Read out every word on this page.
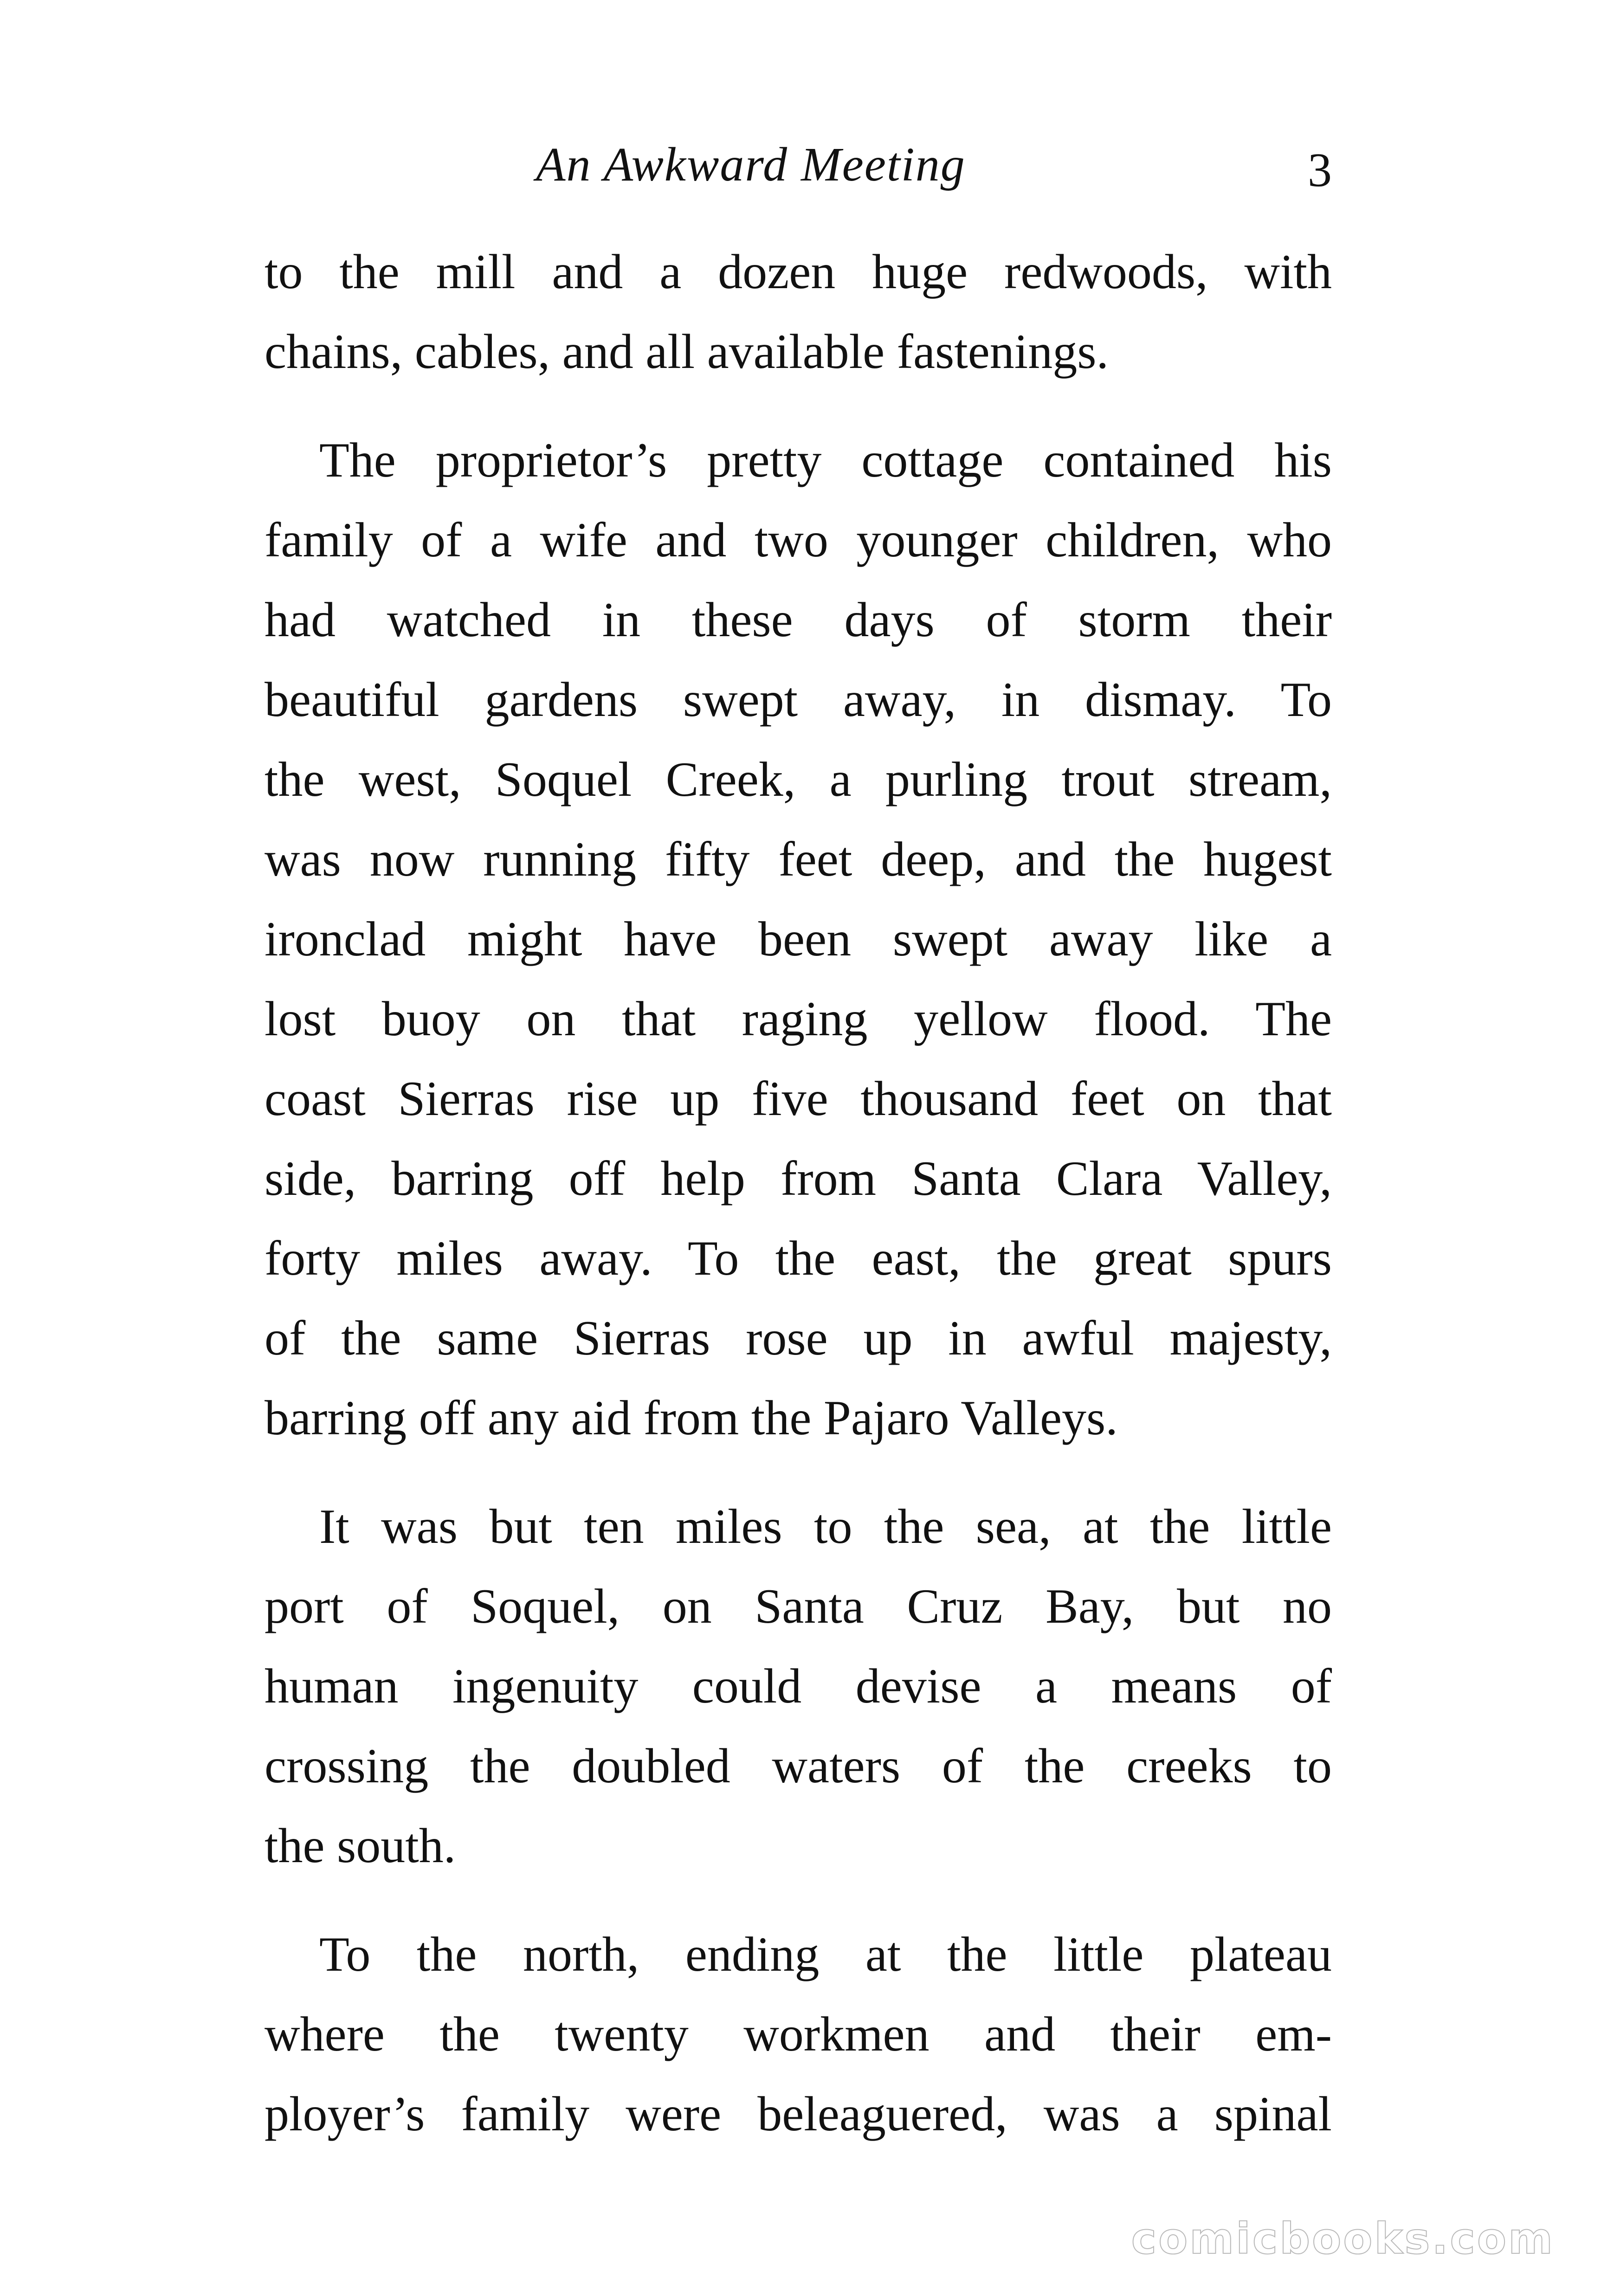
An Awkward Meeting	3

to the mill and a dozen huge redwoods, with
chains, cables, and all available fastenings.

The proprietor’s pretty cottage contained his
family of a wife and two younger children, who
had watched in these days of storm their
beautiful gardens swept away, in dismay. To
the west, Soquel Creek, a purling trout stream,
was now running fifty feet deep, and the hugest
ironclad might have been swept away like a
lost buoy on that raging yellow flood. The
coast Sierras rise up five thousand feet on that
side, barring off help from Santa Clara Valley,
forty miles away. To the east, the great spurs
of the same Sierras rose up in awful majesty,
barring off any aid from the Pajaro Valleys.

It was but ten miles to the sea, at the little
port of Soquel, on Santa Cruz Bay, but no
human ingenuity could devise a means of
crossing the doubled waters of the creeks to
the south.

To the north, ending at the little plateau
where the twenty workmen and their em-
ployer’s family were beleaguered, was a spinal

comicbooks.com
